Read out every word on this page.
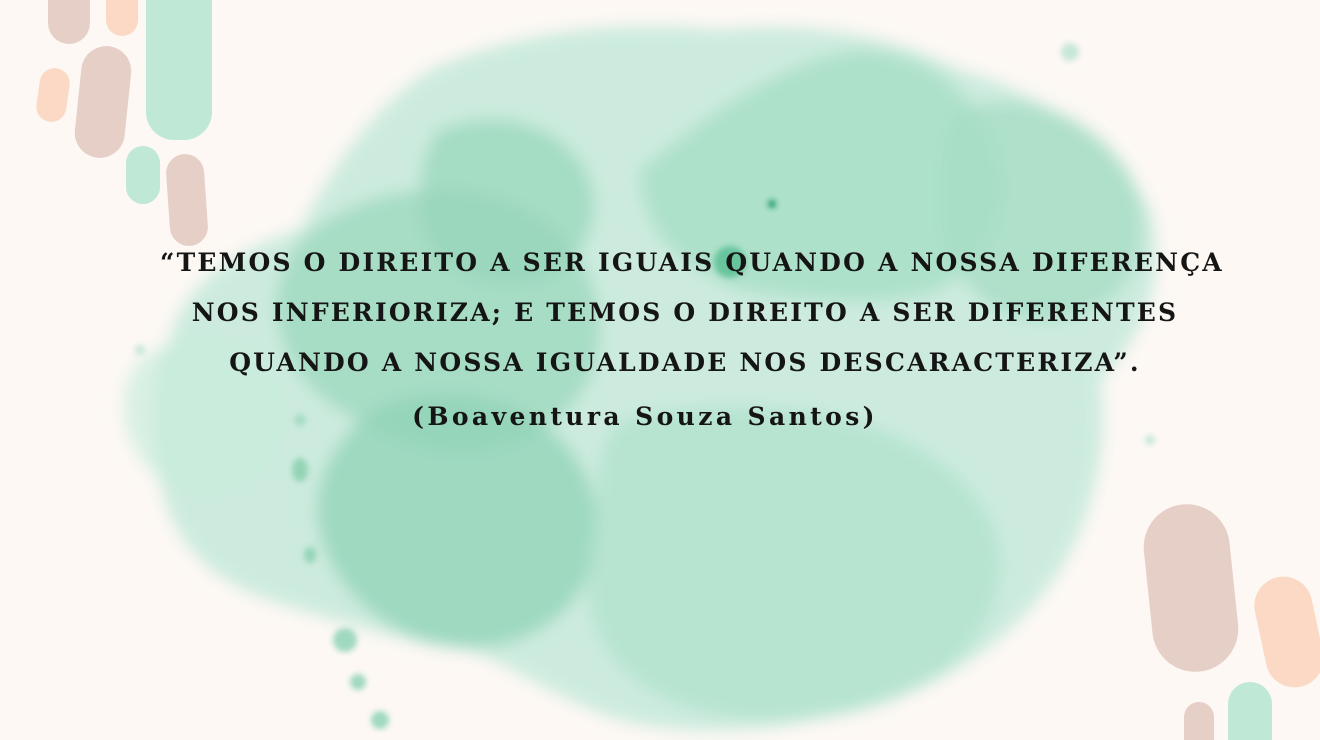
“TEMOS O DIREITO A SER IGUAIS QUANDO A NOSSA DIFERENÇA
NOS INFERIORIZA; E TEMOS O DIREITO A SER DIFERENTES
QUANDO A NOSSA IGUALDADE NOS DESCARACTERIZA”.

(Boaventura Souza Santos)
